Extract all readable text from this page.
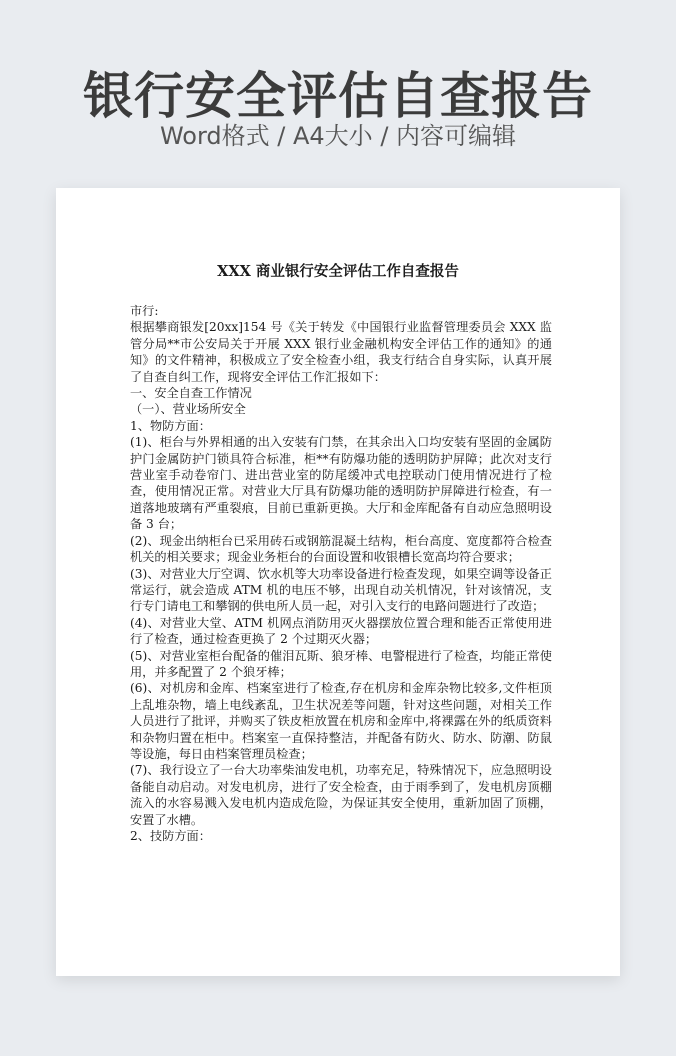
银行安全评估自查报告
Word格式 / A4大小 / 内容可编辑
XXX 商业银行安全评估工作自查报告

市行:

根据攀商银发[20xx]154 号《关于转发《中国银行业监督管理委员会 XXX 监管分局**市公安局关于开展 XXX 银行业金融机构安全评估工作的通知》的通知》的文件精神，积极成立了安全检查小组，我支行结合自身实际，认真开展了自查自纠工作，现将安全评估工作汇报如下：

一、安全自查工作情况

（一）、营业场所安全

1、物防方面：

(1)、柜台与外界相通的出入安装有门禁，在其余出入口均安装有坚固的金属防护门金属防护门锁具符合标准，柜**有防爆功能的透明防护屏障；此次对支行营业室手动卷帘门、进出营业室的防尾缓冲式电控联动门使用情况进行了检查，使用情况正常。对营业大厅具有防爆功能的透明防护屏障进行检查，有一道落地玻璃有严重裂痕，目前已重新更换。大厅和金库配备有自动应急照明设备 3 台；

(2)、现金出纳柜台已采用砖石或钢筋混凝土结构，柜台高度、宽度都符合检查机关的相关要求；现金业务柜台的台面设置和收银槽长宽高均符合要求；

(3)、对营业大厅空调、饮水机等大功率设备进行检查发现，如果空调等设备正常运行，就会造成 ATM 机的电压不够，出现自动关机情况，针对该情况，支行专门请电工和攀钢的供电所人员一起，对引入支行的电路问题进行了改造；

(4)、对营业大堂、ATM 机网点消防用灭火器摆放位置合理和能否正常使用进行了检查，通过检查更换了 2 个过期灭火器；

(5)、对营业室柜台配备的催泪瓦斯、狼牙棒、电警棍进行了检查，均能正常使用，并多配置了 2 个狼牙棒；

(6)、对机房和金库、档案室进行了检查,存在机房和金库杂物比较多,文件柜顶上乱堆杂物，墙上电线紊乱，卫生状况差等问题，针对这些问题，对相关工作人员进行了批评，并购买了铁皮柜放置在机房和金库中,将裸露在外的纸质资料和杂物归置在柜中。档案室一直保持整洁，并配备有防火、防水、防潮、防鼠等设施，每日由档案管理员检查；

(7)、我行设立了一台大功率柴油发电机，功率充足，特殊情况下，应急照明设备能自动启动。对发电机房，进行了安全检查，由于雨季到了，发电机房顶棚流入的水容易溅入发电机内造成危险，为保证其安全使用，重新加固了顶棚，安置了水槽。

2、技防方面：
